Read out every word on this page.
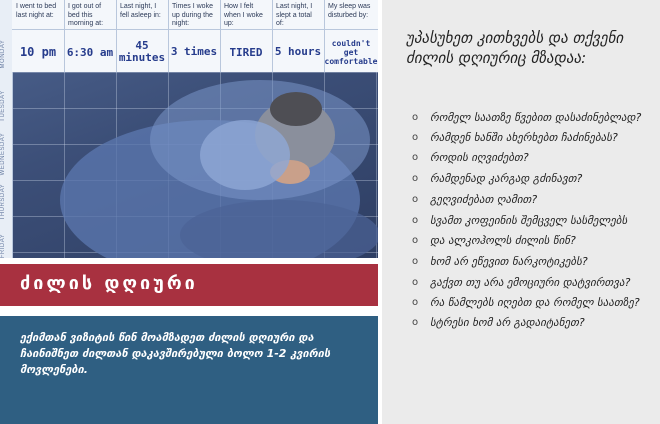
MONDAY
TUESDAY
WEDNESDAY
THURSDAY
FRIDAY
I went to bed last night at:
10 pm
I got out of bed this morning at:
6:30 am
Last night, I fell asleep in:
45 minutes
Times I woke up during the night:
3 times
How I felt when I woke up:
TIRED
Last night, I slept a total of:
5 hours
My sleep was disturbed by:
couldn't get comfortable
ძილის დღიური
ექიმთან ვიზიტის წინ მოამზადეთ ძილის დღიური და ჩაინიშნეთ ძილთან დაკავშირებული ბოლო 1-2 კვირის მოვლენები.
უპასუხეთ კითხვებს და თქვენი ძილის დღიურიც მზადაა:
o რომელ საათზე წვებით დასაძინებლად?
o რამდენ ხანში ახერხებთ ჩაძინებას?
o როდის იღვიძებთ?
o რამდენად კარგად გძინავთ?
o გეღვიძებათ ღამით?
o სვამთ კოფეინის შემცველ სასმელებს
o და ალკოჰოლს ძილის წინ?
o ხომ არ ეწევით ნარკოტიკებს?
o გაქვთ თუ არა ემოციური დატვირთვა?
o რა წამლებს იღებთ და რომელ საათზე?
o სტრესი ხომ არ გადაიტანეთ?
